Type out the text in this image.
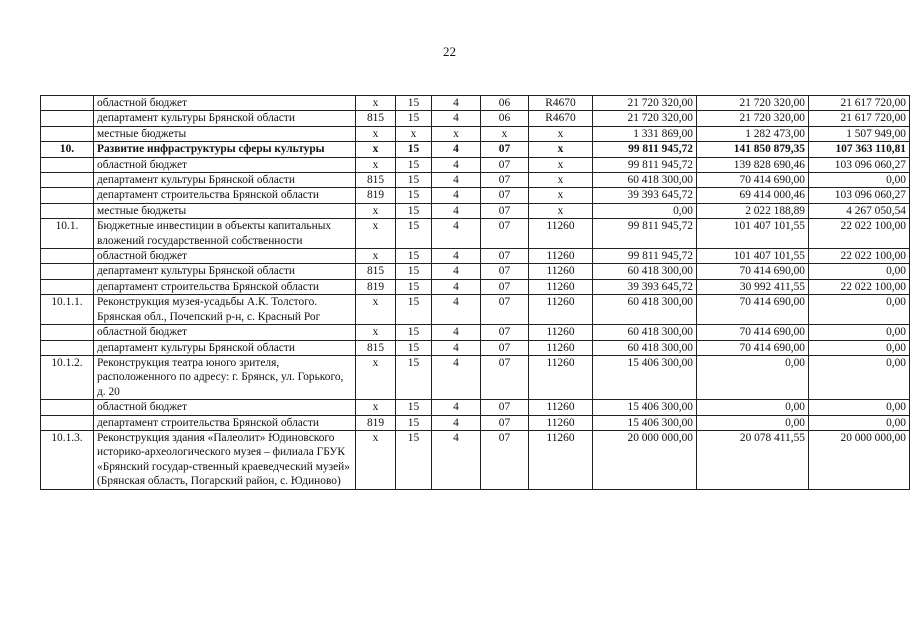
22
	областной бюджет	x	15	4	06	R4670	21 720 320,00	21 720 320,00	21 617 720,00
	департамент культуры Брянской области	815	15	4	06	R4670	21 720 320,00	21 720 320,00	21 617 720,00
	местные бюджеты	x	x	x	x	x	1 331 869,00	1 282 473,00	1 507 949,00
10.	Развитие инфраструктуры сферы культуры	x	15	4	07	x	99 811 945,72	141 850 879,35	107 363 110,81
	областной бюджет	x	15	4	07	x	99 811 945,72	139 828 690,46	103 096 060,27
	департамент культуры Брянской области	815	15	4	07	x	60 418 300,00	70 414 690,00	0,00
	департамент строительства Брянской области	819	15	4	07	x	39 393 645,72	69 414 000,46	103 096 060,27
	местные бюджеты	x	15	4	07	x	0,00	2 022 188,89	4 267 050,54
10.1.	Бюджетные инвестиции в объекты капитальных вложений государственной собственности	x	15	4	07	11260	99 811 945,72	101 407 101,55	22 022 100,00
	областной бюджет	x	15	4	07	11260	99 811 945,72	101 407 101,55	22 022 100,00
	департамент культуры Брянской области	815	15	4	07	11260	60 418 300,00	70 414 690,00	0,00
	департамент строительства Брянской области	819	15	4	07	11260	39 393 645,72	30 992 411,55	22 022 100,00
10.1.1.	Реконструкция музея-усадьбы А.К. Толстого. Брянская обл., Почепский р-н, с. Красный Рог	x	15	4	07	11260	60 418 300,00	70 414 690,00	0,00
	областной бюджет	x	15	4	07	11260	60 418 300,00	70 414 690,00	0,00
	департамент культуры Брянской области	815	15	4	07	11260	60 418 300,00	70 414 690,00	0,00
10.1.2.	Реконструкция театра юного зрителя, расположенного по адресу: г. Брянск, ул. Горького, д. 20	x	15	4	07	11260	15 406 300,00	0,00	0,00
	областной бюджет	x	15	4	07	11260	15 406 300,00	0,00	0,00
	департамент строительства Брянской области	819	15	4	07	11260	15 406 300,00	0,00	0,00
10.1.3.	Реконструкция здания «Палеолит» Юдиновского историко-археологического музея – филиала ГБУК «Брянский государ-ственный краеведческий музей» (Брянская область, Погарский район, с. Юдиново)	x	15	4	07	11260	20 000 000,00	20 078 411,55	20 000 000,00
